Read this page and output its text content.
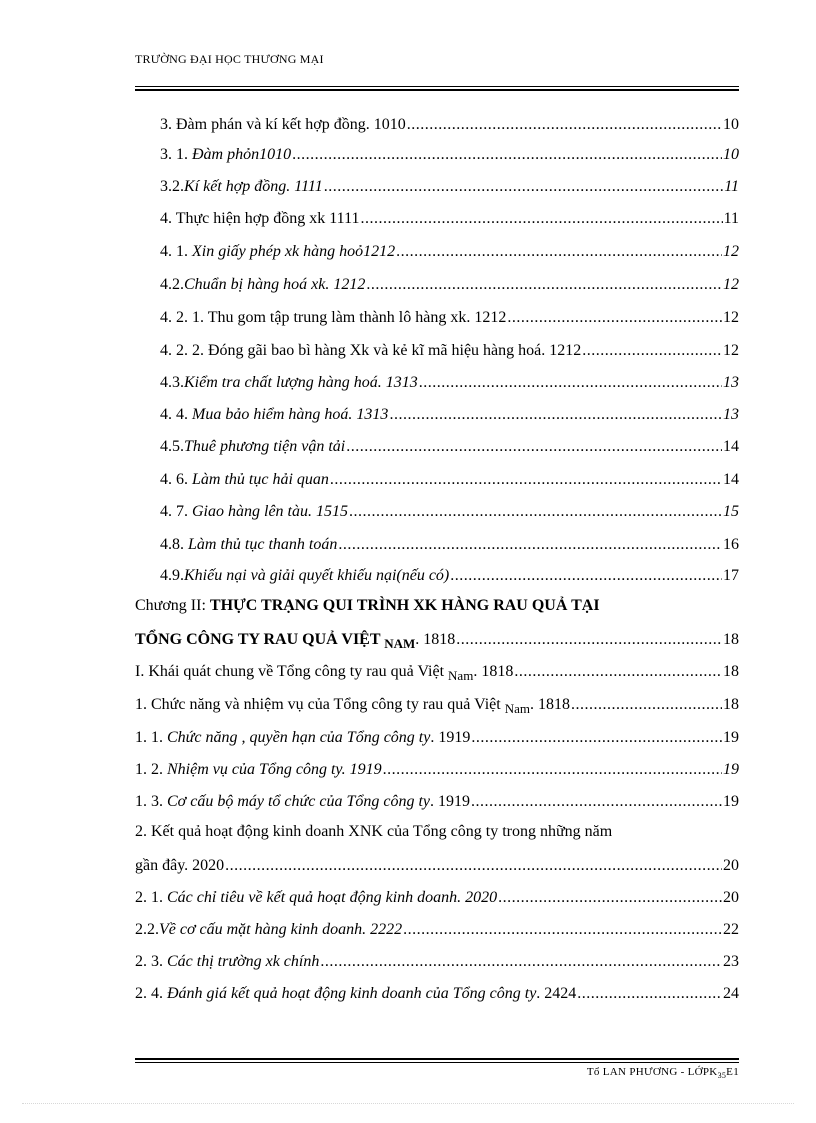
TRƯỜNG ĐẠI HỌC THƯƠNG MẠI
3. Đàm phán và kí kết hợp đồng. 1010 .....	10
3. 1. Đàm phỏn1010 .....	10
3.2.Kí kết hợp đồng. 1111 .....	11
4. Thực hiện hợp đồng xk 1111 .....	11
4. 1. Xin giấy phép xk hàng hoỏ1212 .....	12
4.2.Chuẩn bị hàng hoá xk. 1212 .....	12
4. 2. 1. Thu gom tập trung làm thành lô hàng xk. 1212 .....	12
4. 2. 2. Đóng gãi bao bì hàng Xk và kẻ kĩ mã hiệu hàng hoá. 1212 .....	12
4.3.Kiểm tra chất lượng hàng hoá. 1313 .....	13
4. 4. Mua bảo hiểm hàng hoá. 1313 .....	13
4.5.Thuê phương tiện vận tải .....	14
4. 6. Làm thủ tục hải quan .....	14
4. 7. Giao hàng lên tàu. 1515 .....	15
4.8. Làm thủ tục thanh toán .....	16
4.9.Khiếu nại và giải quyết khiếu nại(nếu có) .....	17
Chương II: THỰC TRẠNG QUI TRÌNH XK HÀNG RAU QUẢ TẠI
TỔNG CÔNG TY RAU QUẢ VIỆT $_{NAM}$. 1818 .....	18
I. Khái quát chung về Tổng công ty rau quả Việt $_{Nam}$. 1818 .....	18
1. Chức năng và nhiệm vụ của Tổng công ty rau quả Việt $_{Nam}$. 1818 .....	18
1. 1. Chức năng , quyền hạn của Tổng công ty. 1919 .....	19
1. 2. Nhiệm vụ của Tổng công ty. 1919 .....	19
1. 3. Cơ cấu bộ máy tổ chức của Tổng công ty. 1919 .....	19
2. Kết quả hoạt động kinh doanh XNK của Tổng công ty trong những năm
gần đây. 2020 .....	20
2. 1. Các chỉ tiêu về kết quả hoạt động kinh doanh. 2020 .....	20
2.2.Về cơ cấu mặt hàng kinh doanh. 2222 .....	22
2. 3. Các thị trường xk chính .....	23
2. 4. Đánh giá kết quả hoạt động kinh doanh của Tổng công ty. 2424 .....	24
Tổ LAN PHƯƠNG - LỚPK$_{35}$E1
